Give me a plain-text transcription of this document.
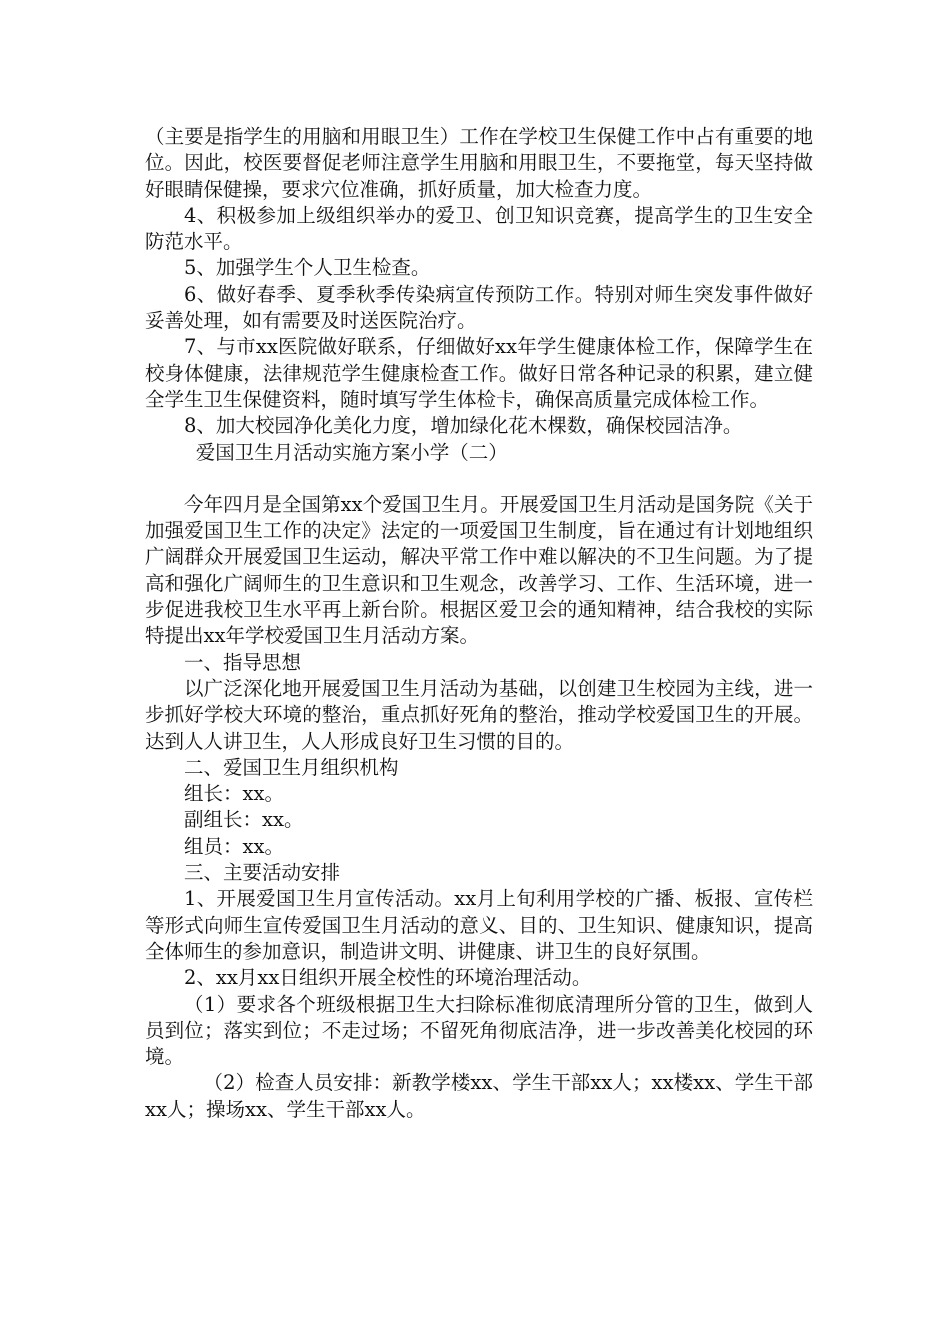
（主要是指学生的用脑和用眼卫生）工作在学校卫生保健工作中占有重要的地位。因此，校医要督促老师注意学生用脑和用眼卫生，不要拖堂，每天坚持做好眼睛保健操，要求穴位准确，抓好质量，加大检查力度。

4、积极参加上级组织举办的爱卫、创卫知识竞赛，提高学生的卫生安全防范水平。

5、加强学生个人卫生检查。

6、做好春季、夏季秋季传染病宣传预防工作。特别对师生突发事件做好妥善处理，如有需要及时送医院治疗。

7、与市xx医院做好联系，仔细做好xx年学生健康体检工作，保障学生在校身体健康，法律规范学生健康检查工作。做好日常各种记录的积累，建立健全学生卫生保健资料，随时填写学生体检卡，确保高质量完成体检工作。

8、加大校园净化美化力度，增加绿化花木棵数，确保校园洁净。

爱国卫生月活动实施方案小学（二）

今年四月是全国第xx个爱国卫生月。开展爱国卫生月活动是国务院《关于加强爱国卫生工作的决定》法定的一项爱国卫生制度，旨在通过有计划地组织广阔群众开展爱国卫生运动，解决平常工作中难以解决的不卫生问题。为了提高和强化广阔师生的卫生意识和卫生观念，改善学习、工作、生活环境，进一步促进我校卫生水平再上新台阶。根据区爱卫会的通知精神，结合我校的实际特提出xx年学校爱国卫生月活动方案。

一、指导思想

以广泛深化地开展爱国卫生月活动为基础，以创建卫生校园为主线，进一步抓好学校大环境的整治，重点抓好死角的整治，推动学校爱国卫生的开展。达到人人讲卫生，人人形成良好卫生习惯的目的。

二、爱国卫生月组织机构

组长：xx。

副组长：xx。

组员：xx。

三、主要活动安排

1、开展爱国卫生月宣传活动。xx月上旬利用学校的广播、板报、宣传栏等形式向师生宣传爱国卫生月活动的意义、目的、卫生知识、健康知识，提高全体师生的参加意识，制造讲文明、讲健康、讲卫生的良好氛围。

2、xx月xx日组织开展全校性的环境治理活动。

（1）要求各个班级根据卫生大扫除标准彻底清理所分管的卫生，做到人员到位；落实到位；不走过场；不留死角彻底洁净，进一步改善美化校园的环境。

（2）检查人员安排：新教学楼xx、学生干部xx人；xx楼xx、学生干部xx人；操场xx、学生干部xx人。
